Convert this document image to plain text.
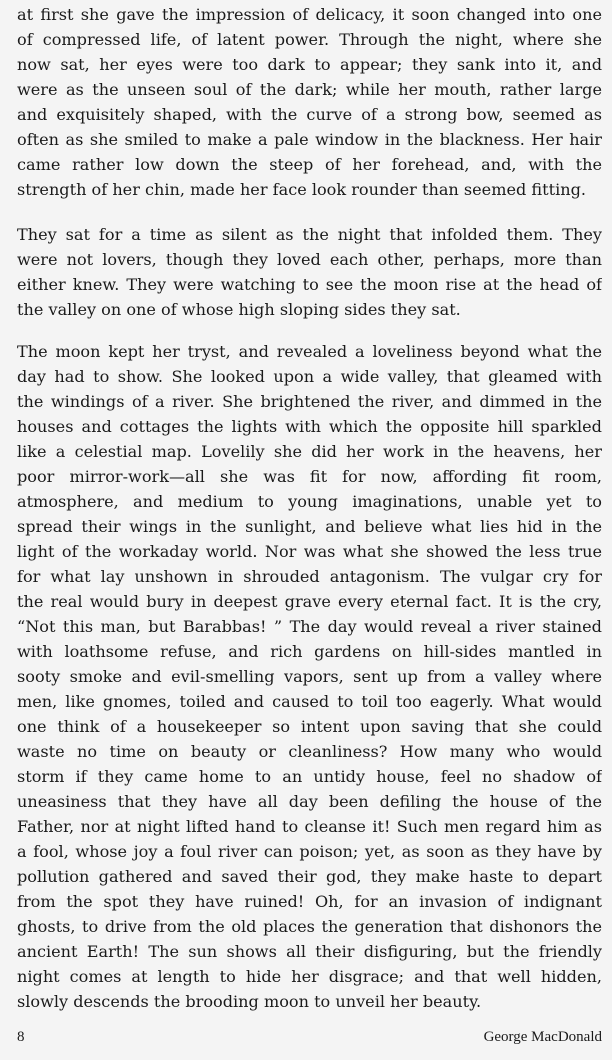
at first she gave the impression of delicacy, it soon changed into one
of compressed life, of latent power. Through the night, where she
now sat, her eyes were too dark to appear; they sank into it, and
were as the unseen soul of the dark; while her mouth, rather large
and exquisitely shaped, with the curve of a strong bow, seemed as
often as she smiled to make a pale window in the blackness. Her hair
came rather low down the steep of her forehead, and, with the
strength of her chin, made her face look rounder than seemed fitting.
They sat for a time as silent as the night that infolded them. They
were not lovers, though they loved each other, perhaps, more than
either knew. They were watching to see the moon rise at the head of
the valley on one of whose high sloping sides they sat.
The moon kept her tryst, and revealed a loveliness beyond what the
day had to show. She looked upon a wide valley, that gleamed with
the windings of a river. She brightened the river, and dimmed in the
houses and cottages the lights with which the opposite hill sparkled
like a celestial map. Lovelily she did her work in the heavens, her
poor mirror-work—all she was fit for now, affording fit room,
atmosphere, and medium to young imaginations, unable yet to
spread their wings in the sunlight, and believe what lies hid in the
light of the workaday world. Nor was what she showed the less true
for what lay unshown in shrouded antagonism. The vulgar cry for
the real would bury in deepest grave every eternal fact. It is the cry,
“Not this man, but Barabbas! ” The day would reveal a river stained
with loathsome refuse, and rich gardens on hill-sides mantled in
sooty smoke and evil-smelling vapors, sent up from a valley where
men, like gnomes, toiled and caused to toil too eagerly. What would
one think of a housekeeper so intent upon saving that she could
waste no time on beauty or cleanliness? How many who would
storm if they came home to an untidy house, feel no shadow of
uneasiness that they have all day been defiling the house of the
Father, nor at night lifted hand to cleanse it! Such men regard him as
a fool, whose joy a foul river can poison; yet, as soon as they have by
pollution gathered and saved their god, they make haste to depart
from the spot they have ruined! Oh, for an invasion of indignant
ghosts, to drive from the old places the generation that dishonors the
ancient Earth! The sun shows all their disfiguring, but the friendly
night comes at length to hide her disgrace; and that well hidden,
slowly descends the brooding moon to unveil her beauty.
8	George MacDonald
